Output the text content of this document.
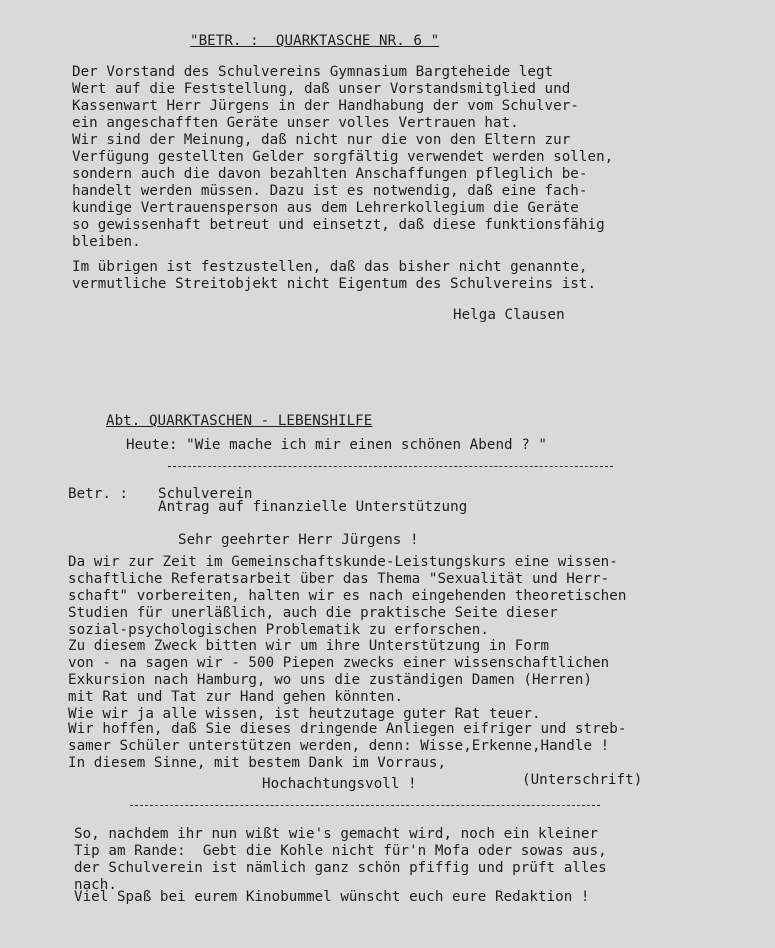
"BETR. :  QUARKTASCHE NR. 6 "
Der Vorstand des Schulvereins Gymnasium Bargteheide legt
Wert auf die Feststellung, daß unser Vorstandsmitglied und
Kassenwart Herr Jürgens in der Handhabung der vom Schulver-
ein angeschafften Geräte unser volles Vertrauen hat.
Wir sind der Meinung, daß nicht nur die von den Eltern zur
Verfügung gestellten Gelder sorgfältig verwendet werden sollen,
sondern auch die davon bezahlten Anschaffungen pfleglich be-
handelt werden müssen. Dazu ist es notwendig, daß eine fach-
kundige Vertrauensperson aus dem Lehrerkollegium die Geräte
so gewissenhaft betreut und einsetzt, daß diese funktionsfähig
bleiben.
Im übrigen ist festzustellen, daß das bisher nicht genannte,
vermutliche Streitobjekt nicht Eigentum des Schulvereins ist.
Helga Clausen
Abt. QUARKTASCHEN - LEBENSHILFE
Heute: "Wie mache ich mir einen schönen Abend ? "
Betr. : Schulverein
Antrag auf finanzielle Unterstützung
Sehr geehrter Herr Jürgens !
Da wir zur Zeit im Gemeinschaftskunde-Leistungskurs eine wissen-
schaftliche Referatsarbeit über das Thema "Sexualität und Herr-
schaft" vorbereiten, halten wir es nach eingehenden theoretischen
Studien für unerläßlich, auch die praktische Seite dieser
sozial-psychologischen Problematik zu erforschen.
Zu diesem Zweck bitten wir um ihre Unterstützung in Form
von - na sagen wir - 500 Piepen zwecks einer wissenschaftlichen
Exkursion nach Hamburg, wo uns die zuständigen Damen (Herren)
mit Rat und Tat zur Hand gehen könnten.
Wie wir ja alle wissen, ist heutzutage guter Rat teuer.
Wir hoffen, daß Sie dieses dringende Anliegen eifriger und streb-
samer Schüler unterstützen werden, denn: Wisse,Erkenne,Handle !
In diesem Sinne, mit bestem Dank im Vorraus,
Hochachtungsvoll !	(Unterschrift)
So, nachdem ihr nun wißt wie's gemacht wird, noch ein kleiner
Tip am Rande:  Gebt die Kohle nicht für'n Mofa oder sowas aus,
der Schulverein ist nämlich ganz schön pfiffig und prüft alles
nach.
Viel Spaß bei eurem Kinobummel wünscht euch eure Redaktion !
